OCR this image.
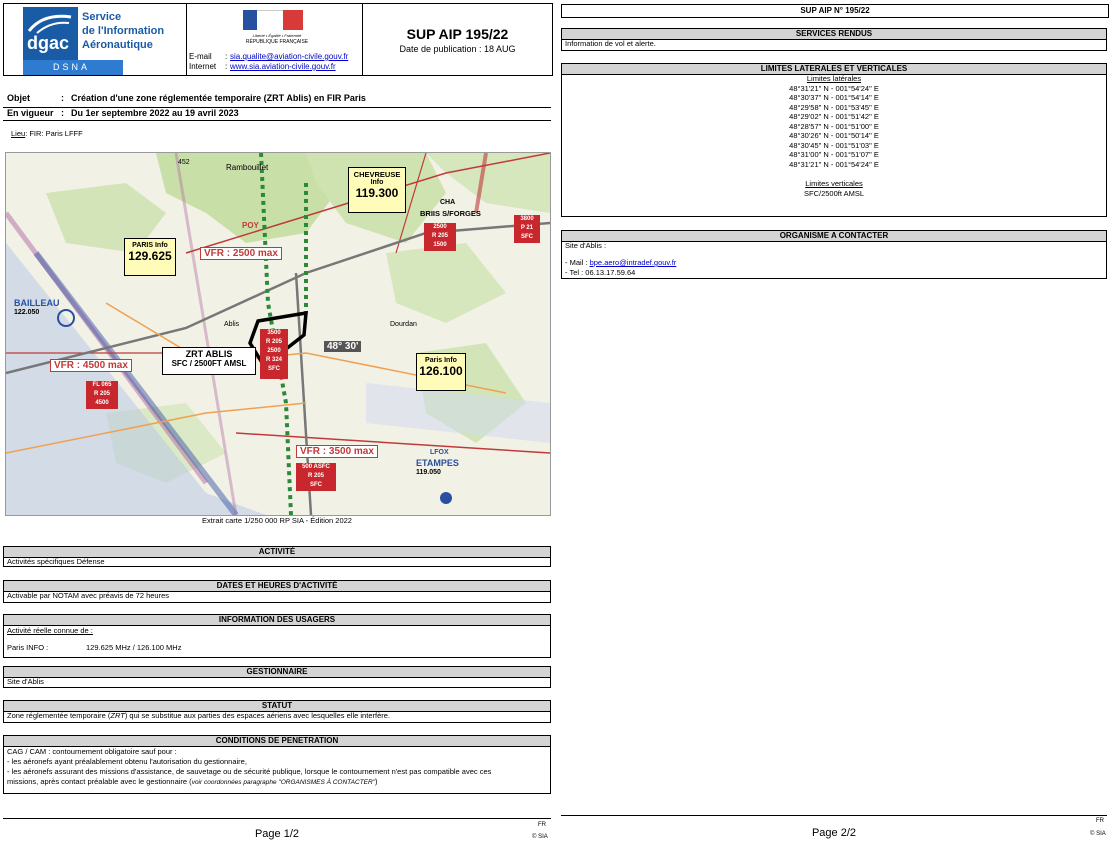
dgac
DSNA
Service
de l'Information
Aéronautique
Liberté • Égalité • Fraternité
RÉPUBLIQUE FRANÇAISE
E-mail : sia.qualite@aviation-civile.gouv.fr
Internet : www.sia.aviation-civile.gouv.fr
SUP AIP 195/22
Date de publication : 18 AUG
Objet	: Création d'une zone réglementée temporaire (ZRT Ablis) en FIR Paris
En vigueur : Du 1er septembre 2022 au 19 avril 2023
Lieu: FIR: Paris LFFF
452
Rambouillet
CHEVREUSE
Info
119.300
CHA
BRIIS S/FORGES
3800
P 21
SFC
PARIS Info
129.625
POY
VFR : 2500 max
2500
R 205
1500
BAILLEAU
122.050
Ablis	Dourdan
3500
R 205
2500
R 324
SFC
48° 30'
ZRT ABLIS
SFC / 2500FT AMSL	Paris Info
126.100
VFR : 4500 max
FL 065
R 205
4500
VFR : 3500 max
500 ASFC
R 205
SFC
LFOX
ETAMPES
119.050
Extrait carte 1/250 000 RP SIA - Édition 2022
ACTIVITÉ
Activités spécifiques Défense
DATES ET HEURES D'ACTIVITÉ
Activable par NOTAM avec préavis de 72 heures
INFORMATION DES USAGERS
Activité réelle connue de :
Paris INFO :	129.625 MHz / 126.100 MHz
GESTIONNAIRE
Site d'Ablis
STATUT
Zone réglementée temporaire (ZRT) qui se substitue aux parties des espaces aériens avec lesquelles elle interfère.
CONDITIONS DE PENETRATION
CAG / CAM : contournement obligatoire sauf pour :
- les aéronefs ayant préalablement obtenu l'autorisation du gestionnaire,
- les aéronefs assurant des missions d'assistance, de sauvetage ou de sécurité publique, lorsque le contournement n'est pas compatible avec ces
missions, après contact préalable avec le gestionnaire (voir coordonnées paragraphe "ORGANISMES À CONTACTER")
SUP AIP N° 195/22
SERVICES RENDUS
Information de vol et alerte.
LIMITES LATERALES ET VERTICALES
Limites latérales
48°31'21" N - 001°54'24" E
48°30'37" N - 001°54'14" E
48°29'58" N - 001°53'45" E
48°29'02" N - 001°51'42" E
48°28'57" N - 001°51'00" E
48°30'26" N - 001°50'14" E
48°30'45" N - 001°51'03" E
48°31'00" N - 001°51'07" E
48°31'21" N - 001°54'24" E
Limites verticales
SFC/2500ft AMSL
ORGANISME A CONTACTER
Site d'Ablis :
- Mail : bpe.aero@intradef.gouv.fr
- Tel : 06.13.17.59.64
Page 1/2
FR
© SIA	Page 2/2
FR
© SIA
